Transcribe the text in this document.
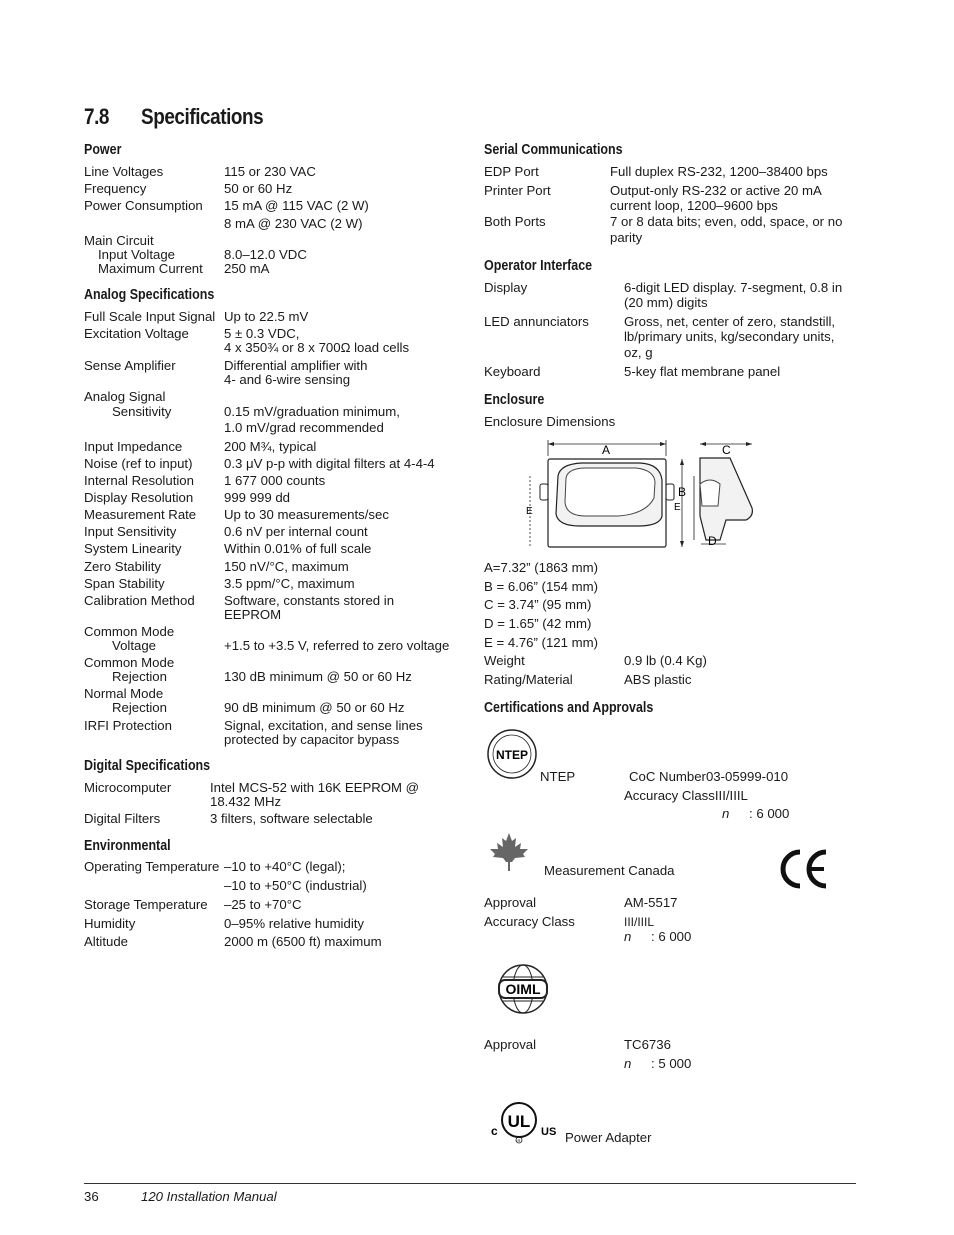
7.8 Specifications
Power
Line Voltages	115 or 230 VAC
Frequency	50 or 60 Hz
Power Consumption 15 mA @ 115 VAC (2 W)
8 mA @ 230 VAC (2 W)
Main Circuit
Input Voltage	8.0–12.0 VDC
Maximum Current 250 mA
Analog Specifications
Full Scale Input Signal Up to 22.5 mV
Excitation Voltage	5 ± 0.3 VDC,
4 x 350¾ or 8 x 700Ω load cells
Sense Amplifier	Differential amplifier with
4- and 6-wire sensing
Analog Signal
Sensitivity	0.15 mV/graduation minimum,
1.0 mV/grad recommended
Input Impedance	200 M¾, typical
Noise (ref to input) 0.3 μV p-p with digital filters at 4-4-4
Internal Resolution 1 677 000 counts
Display Resolution 999 999 dd
Measurement Rate Up to 30 measurements/sec
Input Sensitivity	0.6 nV per internal count
System Linearity	Within 0.01% of full scale
Zero Stability	150 nV/°C, maximum
Span Stability	3.5 ppm/°C, maximum
Calibration Method Software, constants stored in
EEPROM
Common Mode
Voltage	+1.5 to +3.5 V, referred to zero voltage
Common Mode
Rejection	130 dB minimum @ 50 or 60 Hz
Normal Mode
Rejection	90 dB minimum @ 50 or 60 Hz
IRFI Protection	Signal, excitation, and sense lines
protected by capacitor bypass
Digital Specifications
Microcomputer	Intel MCS-52 with 16K EEPROM @
18.432 MHz
Digital Filters	3 filters, software selectable
Environmental
Operating Temperature –10 to +40°C (legal);
–10 to +50°C (industrial)
Storage Temperature –25 to +70°C
Humidity	0–95% relative humidity
Altitude	2000 m (6500 ft) maximum
Serial Communications
EDP Port	Full duplex RS-232, 1200–38400 bps
Printer Port	Output-only RS-232 or active 20 mA
current loop, 1200–9600 bps
Both Ports	7 or 8 data bits; even, odd, space, or no
parity
Operator Interface
Display	6-digit LED display. 7-segment, 0.8 in
(20 mm) digits
LED annunciators	Gross, net, center of zero, standstill,
lb/primary units, kg/secondary units,
oz, g
Keyboard	5-key flat membrane panel
Enclosure
Enclosure Dimensions
A	C
B
E	E
D
A=7.32” (1863 mm)
B = 6.06” (154 mm)
C = 3.74” (95 mm)
D = 1.65” (42 mm)
E = 4.76” (121 mm)
Weight	0.9 lb (0.4 Kg)
Rating/Material	ABS plastic
Certifications and Approvals
NTEP
NTEP	CoC Number03-05999-010
Accuracy ClassIII/IIIL
n : 6 000
Measurement Canada
Approval	AM-5517
Accuracy Class	III/IIIL
n : 6 000
OIML
Approval	TC6736
n : 5 000
UL
c	US
R	Power Adapter
36	120 Installation Manual
